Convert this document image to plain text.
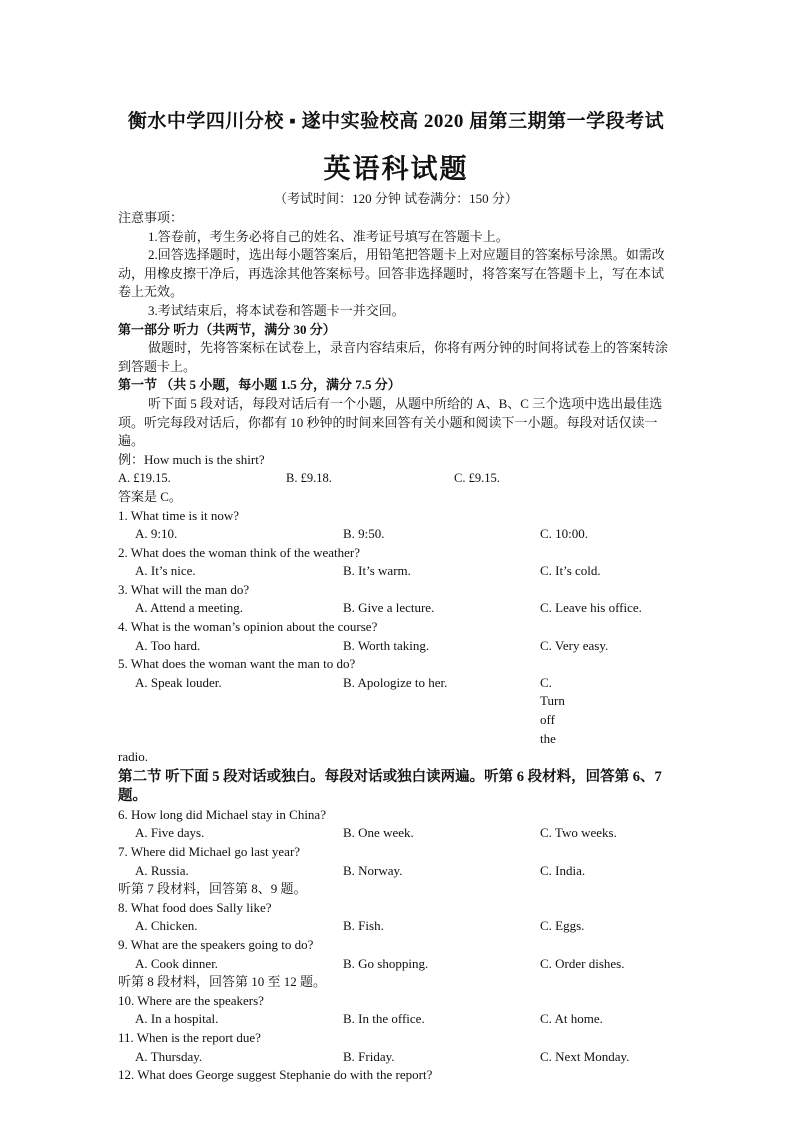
衡水中学四川分校 ▪ 遂中实验校高 2020 届第三期第一学段考试
英语科试题
（考试时间：120 分钟 试卷满分：150 分）
注意事项：
1.答卷前，考生务必将自己的姓名、准考证号填写在答题卡上。
2.回答选择题时，选出每小题答案后，用铅笔把答题卡上对应题目的答案标号涂黑。如需改动，用橡皮擦干净后，再选涂其他答案标号。回答非选择题时，将答案写在答题卡上，写在本试卷上无效。
3.考试结束后，将本试卷和答题卡一并交回。
第一部分 听力（共两节，满分 30 分）
做题时，先将答案标在试卷上，录音内容结束后，你将有两分钟的时间将试卷上的答案转涂到答题卡上。
第一节 （共 5 小题，每小题 1.5 分，满分 7.5 分）
听下面 5 段对话，每段对话后有一个小题，从题中所给的 A、B、C 三个选项中选出最佳选项。听完每段对话后，你都有 10 秒钟的时间来回答有关小题和阅读下一小题。每段对话仅读一遍。
例：How much is the shirt?
A. £19.15.	B. £9.18.	C. £9.15.
答案是 C。
1. What time is it now?
A. 9:10.	B. 9:50.	C. 10:00.
2. What does the woman think of the weather?
A. It’s nice.	B. It’s warm.	C. It’s cold.
3. What will the man do?
A. Attend a meeting.	B. Give a lecture.	C. Leave his office.
4. What is the woman’s opinion about the course?
A. Too hard.	B. Worth taking.	C. Very easy.
5. What does the woman want the man to do?
A. Speak louder.	B. Apologize to her.	C.
Turn
off
the
radio.
第二节 听下面 5 段对话或独白。每段对话或独白读两遍。听第 6 段材料，回答第 6、7 题。
6. How long did Michael stay in China?
A. Five days.	B. One week.	C. Two weeks.
7. Where did Michael go last year?
A. Russia.	B. Norway.	C. India.
听第 7 段材料，回答第 8、9 题。
8. What food does Sally like?
A. Chicken.	B. Fish.	C. Eggs.
9. What are the speakers going to do?
A. Cook dinner.	B. Go shopping.	C. Order dishes.
听第 8 段材料，回答第 10 至 12 题。
10. Where are the speakers?
A. In a hospital.	B. In the office.	C. At home.
11. When is the report due?
A. Thursday.	B. Friday.	C. Next Monday.
12. What does George suggest Stephanie do with the report?
